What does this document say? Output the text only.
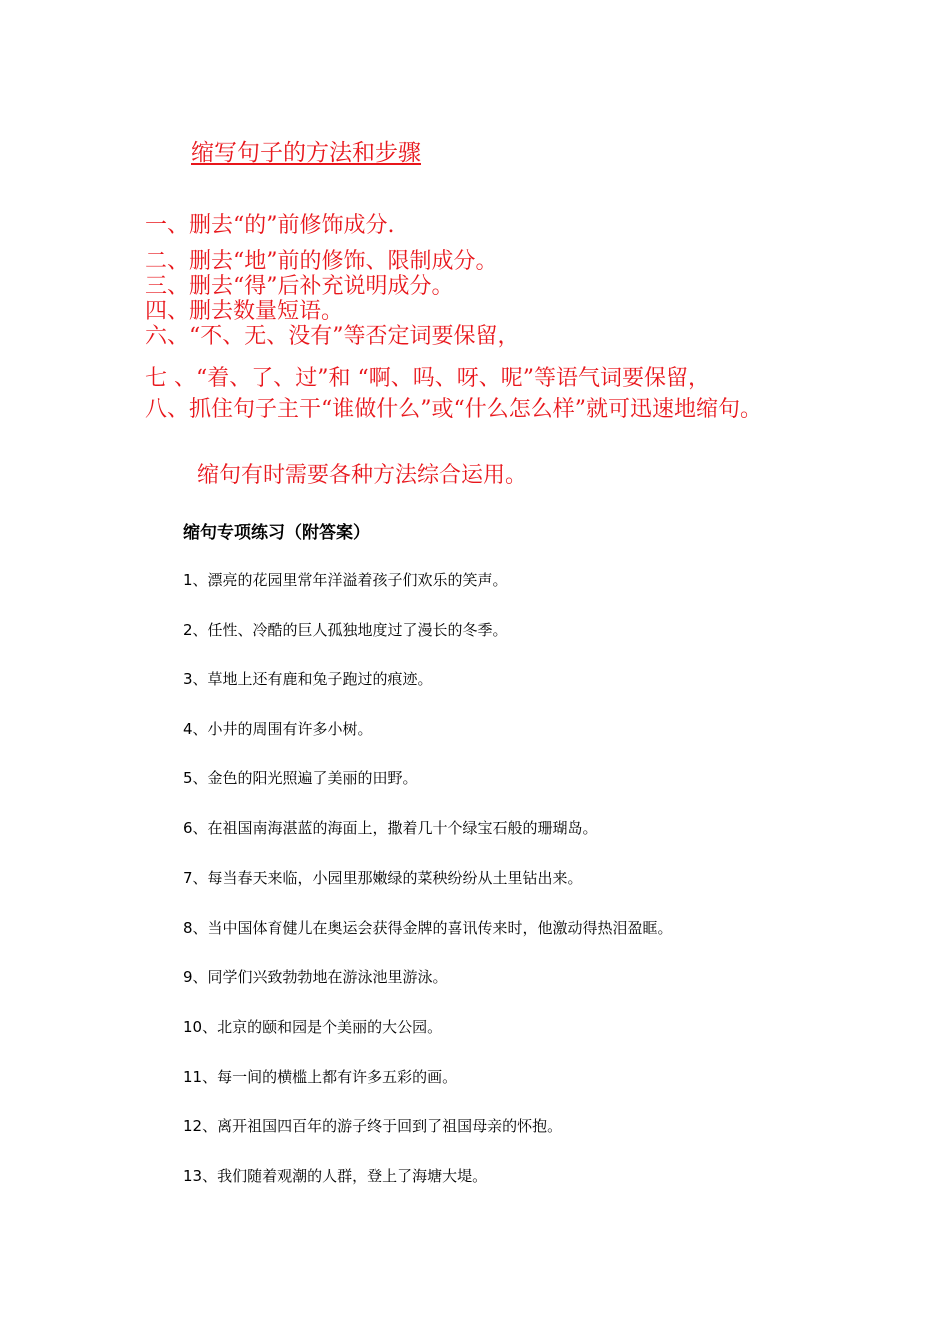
缩写句子的方法和步骤
一、删去“的”前修饰成分.
二、删去“地”前的修饰、限制成分。
三、删去“得”后补充说明成分。
四、删去数量短语。
六、“不、无、没有”等否定词要保留，
七 、“着、了、过”和 “啊、吗、呀、呢”等语气词要保留，
八、抓住句子主干“谁做什么”或“什么怎么样”就可迅速地缩句。
缩句有时需要各种方法综合运用。
缩句专项练习（附答案）
1、漂亮的花园里常年洋溢着孩子们欢乐的笑声。
2、任性、冷酷的巨人孤独地度过了漫长的冬季。
3、草地上还有鹿和兔子跑过的痕迹。
4、小井的周围有许多小树。
5、金色的阳光照遍了美丽的田野。
6、在祖国南海湛蓝的海面上，撒着几十个绿宝石般的珊瑚岛。
7、每当春天来临，小园里那嫩绿的菜秧纷纷从土里钻出来。
8、当中国体育健儿在奥运会获得金牌的喜讯传来时，他激动得热泪盈眶。
9、同学们兴致勃勃地在游泳池里游泳。
10、北京的颐和园是个美丽的大公园。
11、每一间的横槛上都有许多五彩的画。
12、离开祖国四百年的游子终于回到了祖国母亲的怀抱。
13、我们随着观潮的人群，登上了海塘大堤。
